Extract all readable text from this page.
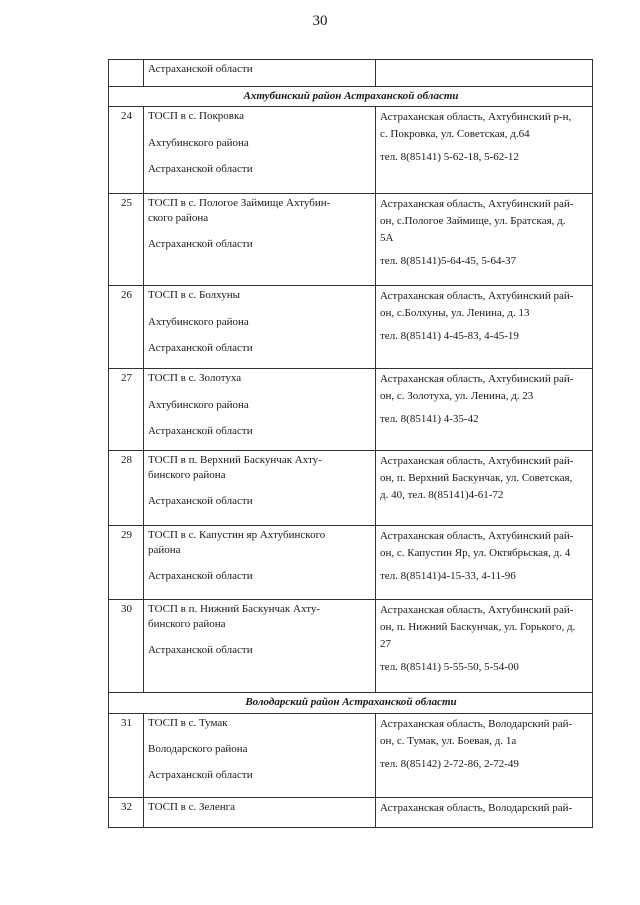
30

	Астраханской области	

Ахтубинский район Астраханской области		
24	ТОСП в с. Покровка
Ахтубинского района
Астраханской области	Астраханская область, Ахтубинский р-н,
с. Покровка, ул. Советская, д.64
тел. 8(85141) 5-62-18, 5-62-12

25	ТОСП в с. Пологое Займище Ахтубин-
ского района
Астраханской области	Астраханская область, Ахтубинский рай-
он, с.Пологое Займище, ул. Братская, д.
5А
тел. 8(85141)5-64-45, 5-64-37

26	ТОСП в с. Болхуны
Ахтубинского района
Астраханской области	Астраханская область, Ахтубинский рай-
он, с.Болхуны, ул. Ленина, д. 13
тел. 8(85141) 4-45-83, 4-45-19

27	ТОСП в с. Золотуха
Ахтубинского района
Астраханской области	Астраханская область, Ахтубинский рай-
он, с. Золотуха, ул. Ленина, д. 23
тел. 8(85141) 4-35-42

28	ТОСП в п. Верхний Баскунчак Ахту-
бинского района
Астраханской области	Астраханская область, Ахтубинский рай-
он, п. Верхний Баскунчак, ул. Советская,
д. 40, тел. 8(85141)4-61-72

29	ТОСП в с. Капустин яр Ахтубинского
района
Астраханской области	Астраханская область, Ахтубинский рай-
он, с. Капустин Яр, ул. Октябрьская, д. 4
тел. 8(85141)4-15-33, 4-11-96

30	ТОСП в п. Нижний Баскунчак Ахту-
бинского района
Астраханской области	Астраханская область, Ахтубинский рай-
он, п. Нижний Баскунчак, ул. Горького, д.
27
тел. 8(85141) 5-55-50, 5-54-00

Володарский район Астраханской области		
31	ТОСП в с. Тумак
Володарского района
Астраханской области	Астраханская область, Володарский рай-
он, с. Тумак, ул. Боевая, д. 1а
тел. 8(85142) 2-72-86, 2-72-49

32	ТОСП в с. Зеленга	Астраханская область, Володарский рай-
